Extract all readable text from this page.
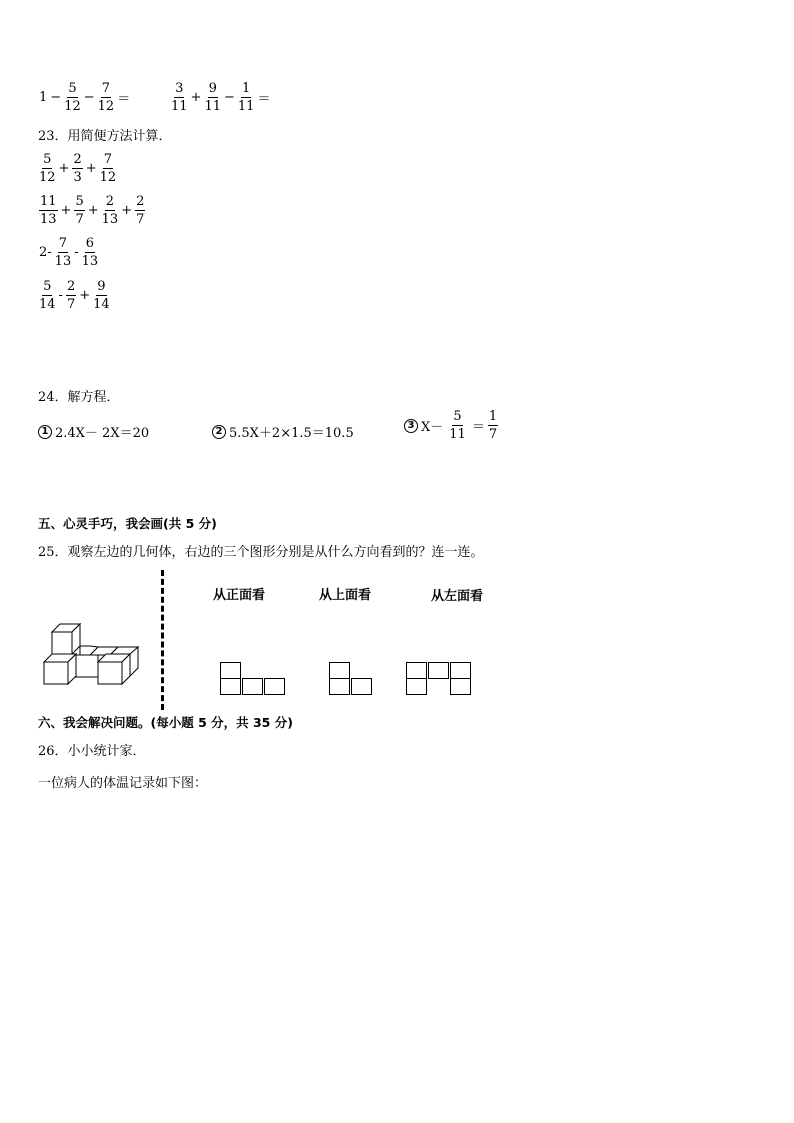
$1 - \frac{5}{12} - \frac{7}{12}$ ＝	$\frac{3}{11} + \frac{9}{11} - \frac{1}{11}$ ＝
23．用简便方法计算．
$\frac{5}{12} + \frac{2}{3} + \frac{7}{12}$
$\frac{11}{13} + \frac{5}{7} + \frac{2}{13} + \frac{2}{7}$
$2- \frac{7}{13} - \frac{6}{13}$
$\frac{5}{14} - \frac{2}{7} + \frac{9}{14}$
24．解方程．
1 2.4X－ 2X＝20	2 5.5X＋2×1.5＝10.5
3 $X- \frac{5}{11} = \frac{1}{7}$
五、心灵手巧，我会画(共 5 分)
25．观察左边的几何体，右边的三个图形分别是从什么方向看到的？连一连。
从正面看	从上面看	从左面看
六、我会解决问题。(每小题 5 分，共 35 分)
26．小小统计家．
一位病人的体温记录如下图：
